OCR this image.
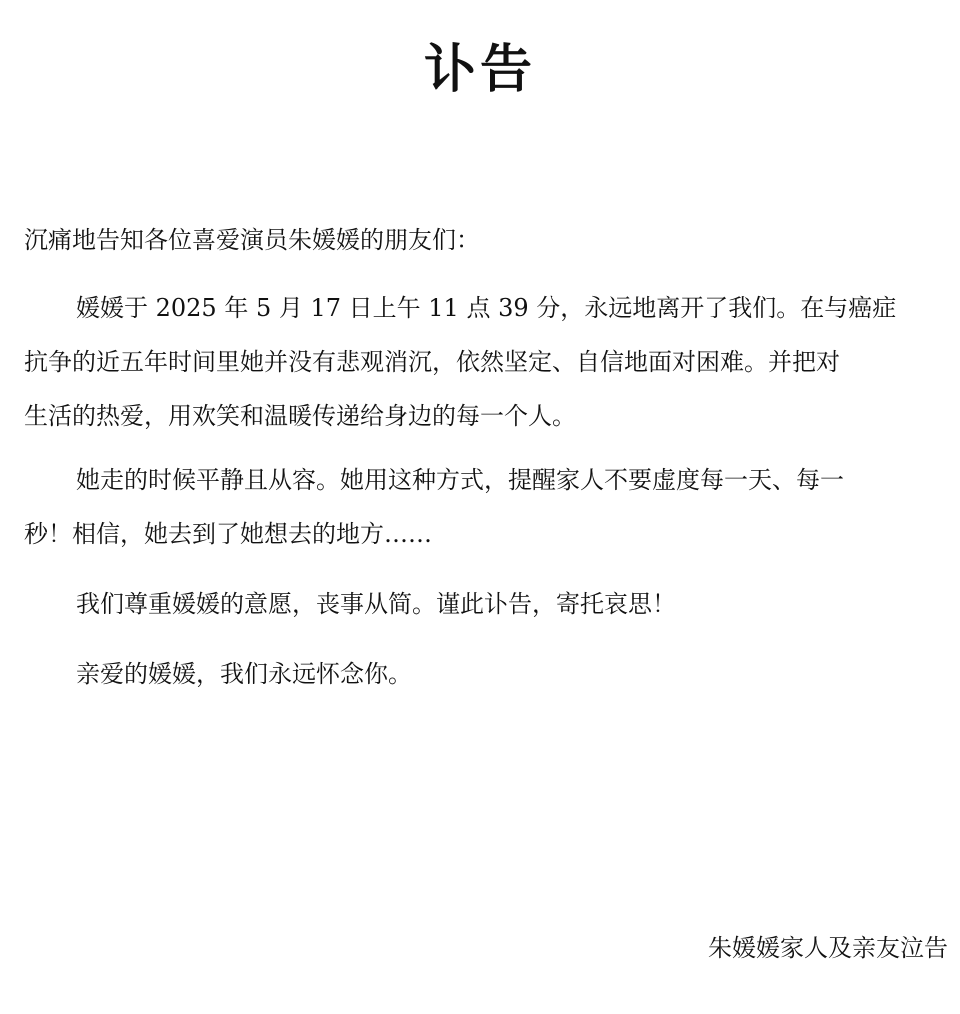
讣告
沉痛地告知各位喜爱演员朱媛媛的朋友们：
媛媛于 2025 年 5 月 17 日上午 11 点 39 分，永远地离开了我们。在与癌症
抗争的近五年时间里她并没有悲观消沉，依然坚定、自信地面对困难。并把对
生活的热爱，用欢笑和温暖传递给身边的每一个人。
她走的时候平静且从容。她用这种方式，提醒家人不要虚度每一天、每一
秒！相信，她去到了她想去的地方……
我们尊重媛媛的意愿，丧事从简。谨此讣告，寄托哀思！
亲爱的媛媛，我们永远怀念你。
朱媛媛家人及亲友泣告
